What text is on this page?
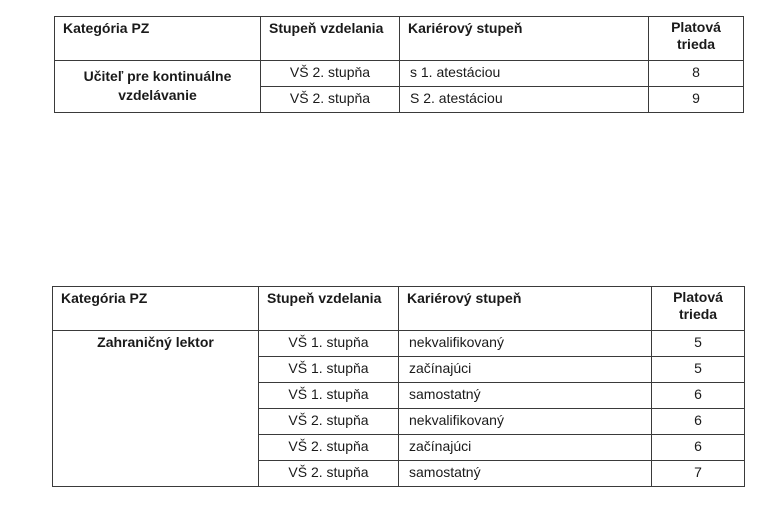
Kategória PZ	Stupeň vzdelania	Kariérový stupeň	Platová
trieda

Učiteľ pre kontinuálne vzdelávanie	VŠ 2. stupňa	s 1. atestáciou	8

	VŠ 2. stupňa	S 2. atestáciou	9
Kategória PZ	Stupeň vzdelania	Kariérový stupeň	Platová
trieda

Zahraničný lektor	VŠ 1. stupňa	nekvalifikovaný	5

	VŠ 1. stupňa	začínajúci	5

	VŠ 1. stupňa	samostatný	6

	VŠ 2. stupňa	nekvalifikovaný	6

	VŠ 2. stupňa	začínajúci	6

	VŠ 2. stupňa	samostatný	7
